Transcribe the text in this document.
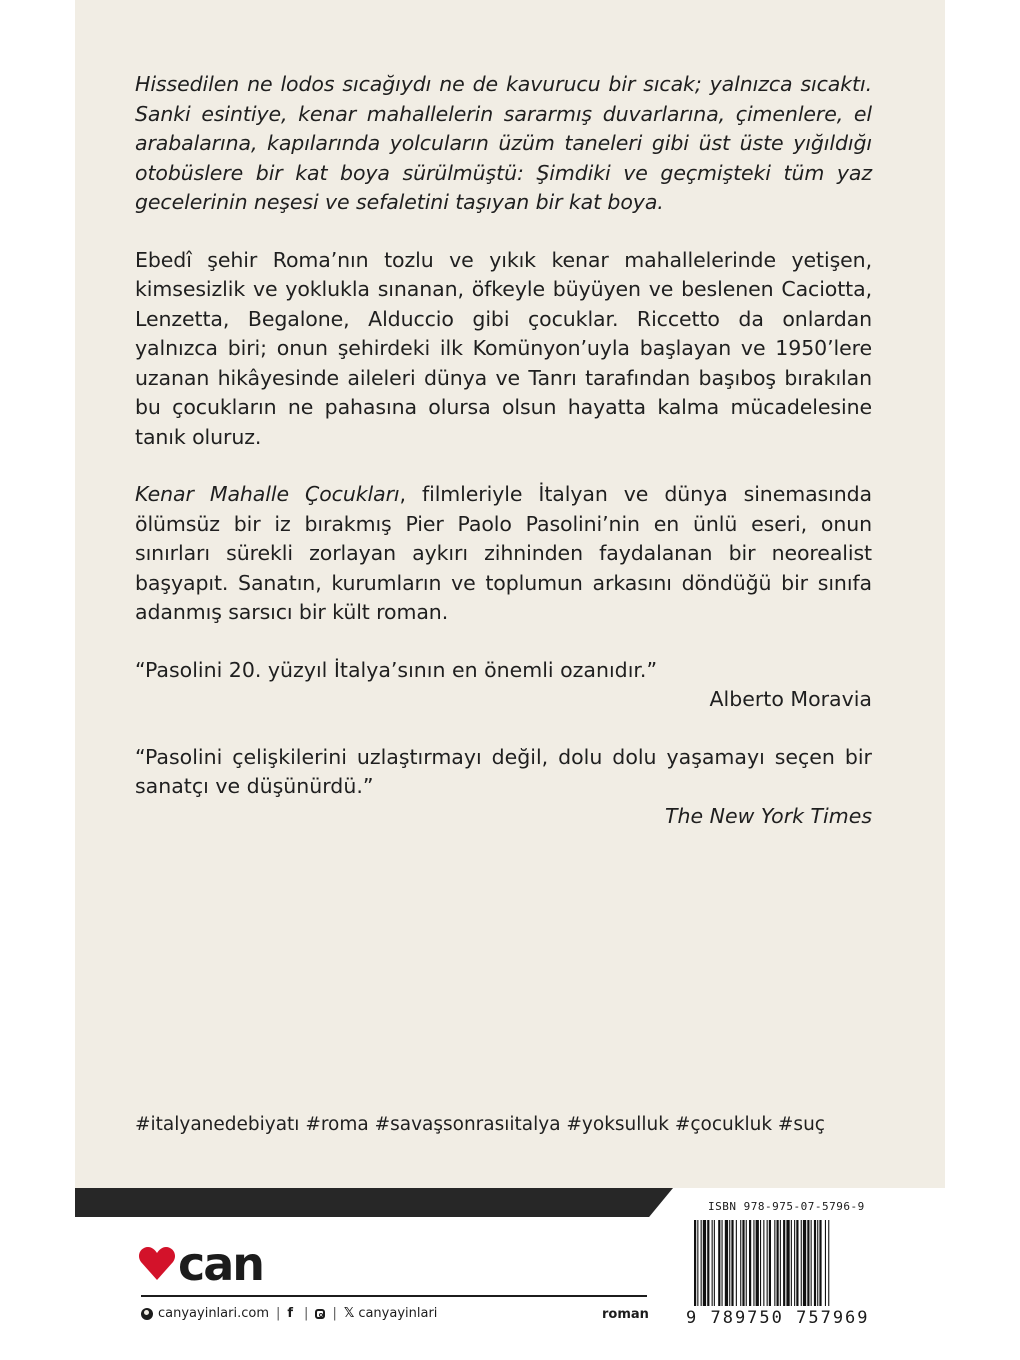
Hissedilen ne lodos sıcağıydı ne de kavurucu bir sıcak; yalnızca sıcaktı. Sanki esintiye, kenar mahallelerin sararmış duvarlarına, çimenlere, el arabalarına, kapılarında yolcuların üzüm taneleri gibi üst üste yığıldığı otobüslere bir kat boya sürülmüştü: Şimdiki ve geçmişteki tüm yaz gecelerinin neşesi ve sefaletini taşıyan bir kat boya.

Ebedî şehir Roma’nın tozlu ve yıkık kenar mahallelerinde yetişen, kimsesizlik ve yoklukla sınanan, öfkeyle büyüyen ve beslenen Caciotta, Lenzetta, Begalone, Alduccio gibi çocuklar. Riccetto da onlardan yalnızca biri; onun şehirdeki ilk Komünyon’uyla başlayan ve 1950’lere uzanan hikâyesinde aileleri dünya ve Tanrı tarafından başıboş bırakılan bu çocukların ne pahasına olursa olsun hayatta kalma mücadelesine tanık oluruz.

Kenar Mahalle Çocukları, filmleriyle İtalyan ve dünya sinemasında ölümsüz bir iz bırakmış Pier Paolo Pasolini’nin en ünlü eseri, onun sınırları sürekli zorlayan aykırı zihninden faydalanan bir neorealist başyapıt. Sanatın, kurumların ve toplumun arkasını döndüğü bir sınıfa adanmış sarsıcı bir kült roman.

“Pasolini 20. yüzyıl İtalya’sının en önemli ozanıdır.”

Alberto Moravia

“Pasolini çelişkilerini uzlaştırmayı değil, dolu dolu yaşamayı seçen bir sanatçı ve düşünürdü.”

The New York Times

#italyanedebiyatı #roma #savaşsonrasıitalya #yoksulluk #çocukluk #suç
can
canyayinlari.com | f | | 𝕏 canyayinlari	roman
ISBN 978-975-07-5796-9
9 789750 757969
